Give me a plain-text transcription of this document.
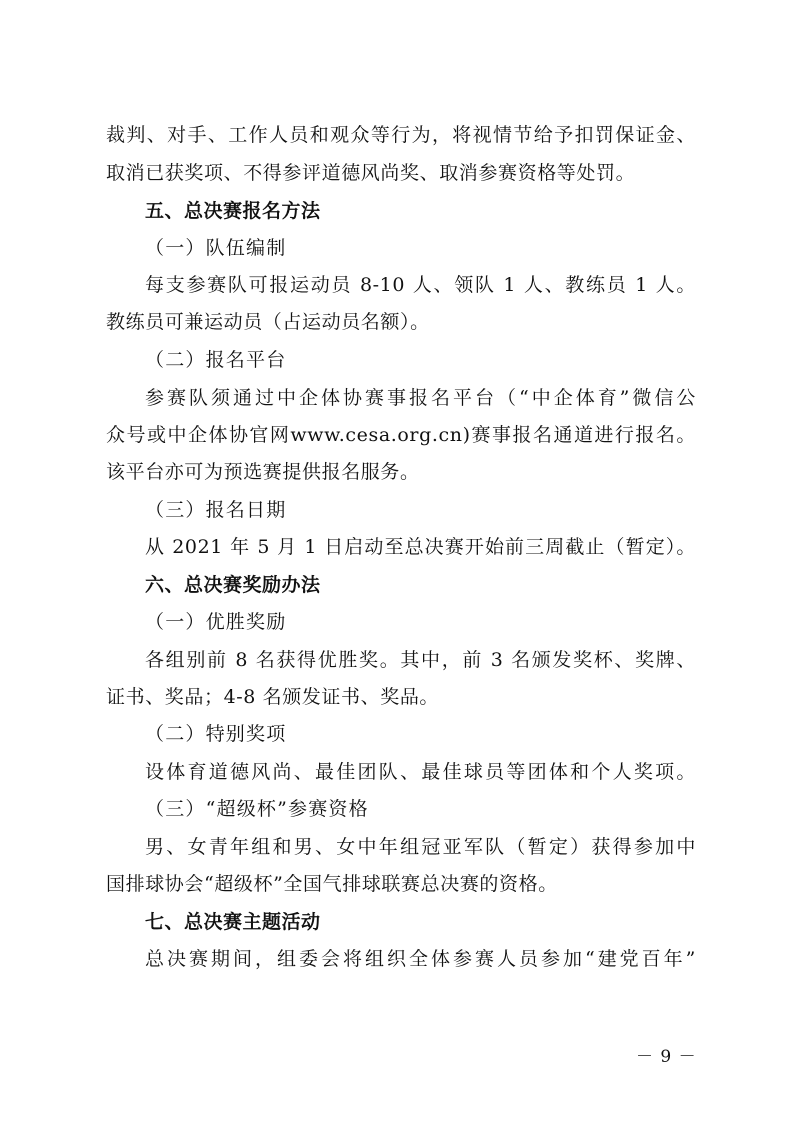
裁判、对手、工作人员和观众等行为，将视情节给予扣罚保证金、
取消已获奖项、不得参评道德风尚奖、取消参赛资格等处罚。
五、总决赛报名方法
（一）队伍编制
每支参赛队可报运动员 8-10 人、领队 1 人、教练员 1 人。
教练员可兼运动员（占运动员名额）。
（二）报名平台
参赛队须通过中企体协赛事报名平台（“中企体育”微信公
众号或中企体协官网www.cesa.org.cn)赛事报名通道进行报名。
该平台亦可为预选赛提供报名服务。
（三）报名日期
从 2021 年 5 月 1 日启动至总决赛开始前三周截止（暂定）。
六、总决赛奖励办法
（一）优胜奖励
各组别前 8 名获得优胜奖。其中，前 3 名颁发奖杯、奖牌、
证书、奖品；4-8 名颁发证书、奖品。
（二）特别奖项
设体育道德风尚、最佳团队、最佳球员等团体和个人奖项。
（三）“超级杯”参赛资格
男、女青年组和男、女中年组冠亚军队（暂定）获得参加中
国排球协会“超级杯”全国气排球联赛总决赛的资格。
七、总决赛主题活动
总决赛期间，组委会将组织全体参赛人员参加“建党百年”
－ 9 －
